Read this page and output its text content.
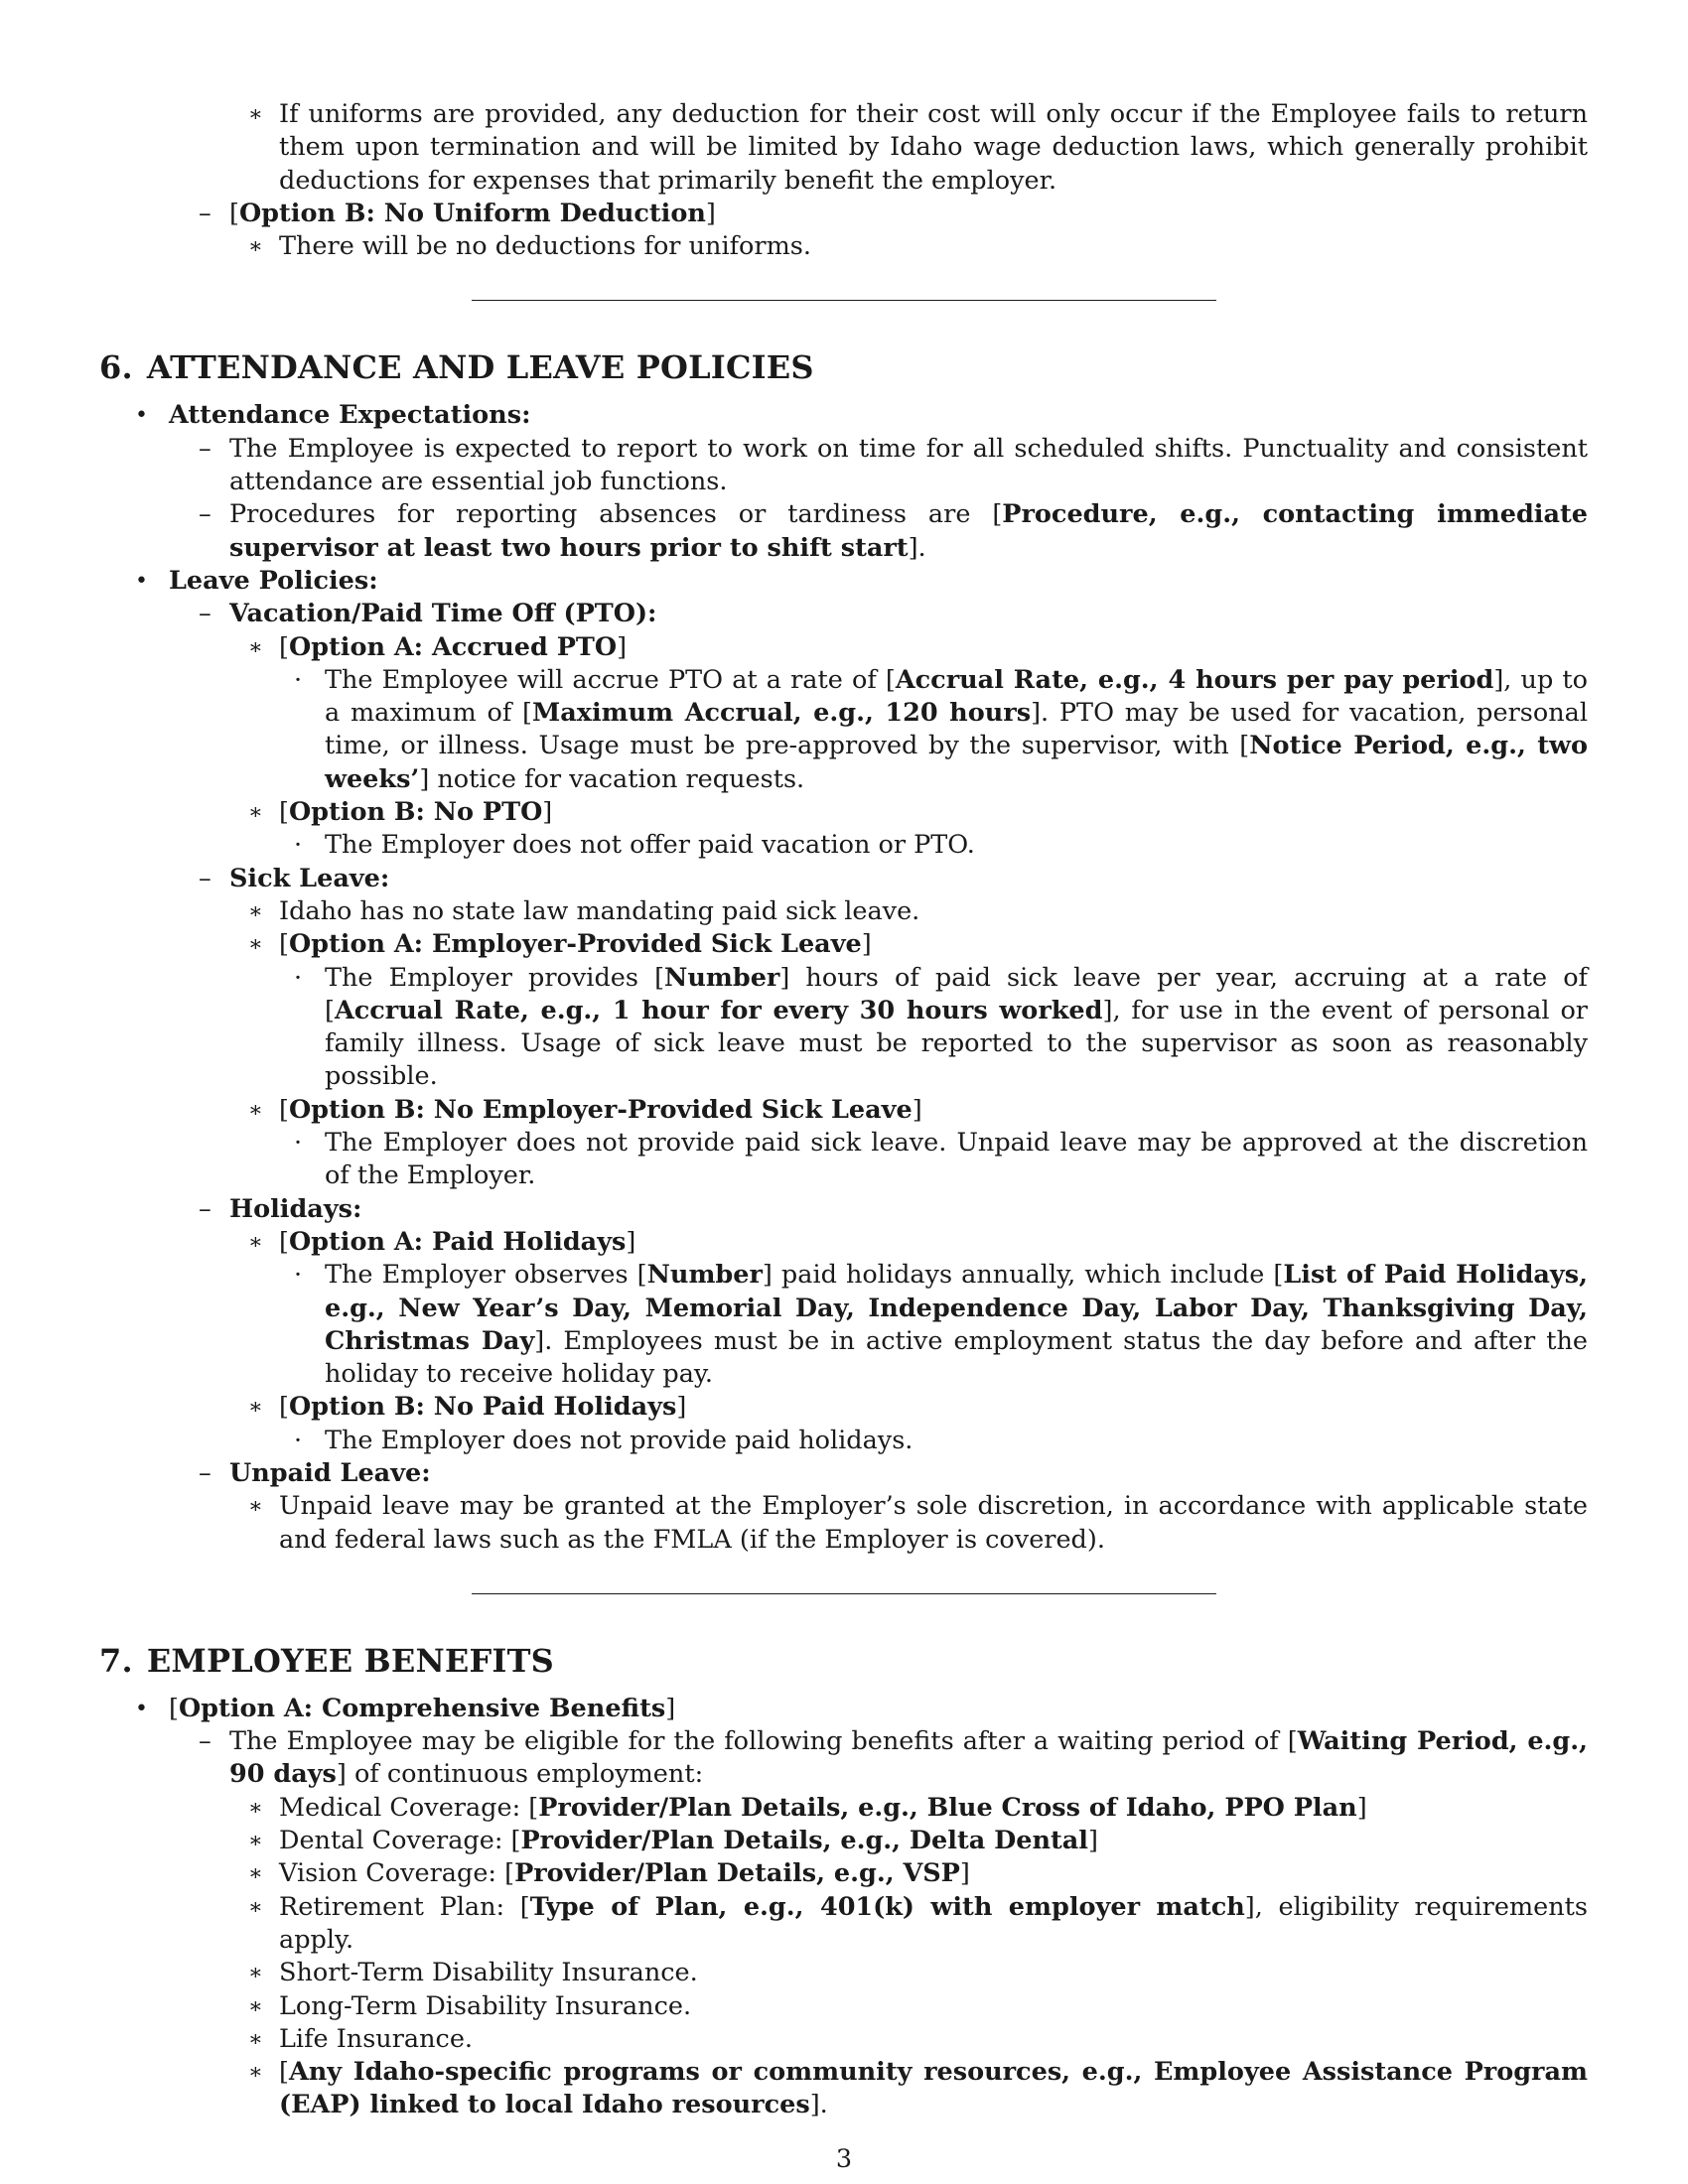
∗ If uniforms are provided, any deduction for their cost will only occur if the Employee fails to return them upon termination and will be limited by Idaho wage deduction laws, which generally prohibit deductions for expenses that primarily benefit the employer.
– [Option B: No Uniform Deduction]
∗ There will be no deductions for uniforms.
6. ATTENDANCE AND LEAVE POLICIES
• Attendance Expectations:
– The Employee is expected to report to work on time for all scheduled shifts. Punctuality and consistent attendance are essential job functions.
– Procedures for reporting absences or tardiness are [Procedure, e.g., contacting immediate supervisor at least two hours prior to shift start].
• Leave Policies:
– Vacation/Paid Time Off (PTO):
∗ [Option A: Accrued PTO]
· The Employee will accrue PTO at a rate of [Accrual Rate, e.g., 4 hours per pay period], up to a maximum of [Maximum Accrual, e.g., 120 hours]. PTO may be used for vacation, personal time, or illness. Usage must be pre-approved by the supervisor, with [Notice Period, e.g., two weeks’] notice for vacation requests.
∗ [Option B: No PTO]
· The Employer does not offer paid vacation or PTO.
– Sick Leave:
∗ Idaho has no state law mandating paid sick leave.
∗ [Option A: Employer-Provided Sick Leave]
· The Employer provides [Number] hours of paid sick leave per year, accruing at a rate of [Accrual Rate, e.g., 1 hour for every 30 hours worked], for use in the event of personal or family illness. Usage of sick leave must be reported to the supervisor as soon as reasonably possible.
∗ [Option B: No Employer-Provided Sick Leave]
· The Employer does not provide paid sick leave. Unpaid leave may be approved at the discretion of the Employer.
– Holidays:
∗ [Option A: Paid Holidays]
· The Employer observes [Number] paid holidays annually, which include [List of Paid Holidays, e.g., New Year’s Day, Memorial Day, Independence Day, Labor Day, Thanksgiving Day, Christmas Day]. Employees must be in active employment status the day before and after the holiday to receive holiday pay.
∗ [Option B: No Paid Holidays]
· The Employer does not provide paid holidays.
– Unpaid Leave:
∗ Unpaid leave may be granted at the Employer’s sole discretion, in accordance with applicable state and federal laws such as the FMLA (if the Employer is covered).
7. EMPLOYEE BENEFITS
• [Option A: Comprehensive Benefits]
– The Employee may be eligible for the following benefits after a waiting period of [Waiting Period, e.g., 90 days] of continuous employment:
∗ Medical Coverage: [Provider/Plan Details, e.g., Blue Cross of Idaho, PPO Plan]
∗ Dental Coverage: [Provider/Plan Details, e.g., Delta Dental]
∗ Vision Coverage: [Provider/Plan Details, e.g., VSP]
∗ Retirement Plan: [Type of Plan, e.g., 401(k) with employer match], eligibility requirements apply.
∗ Short-Term Disability Insurance.
∗ Long-Term Disability Insurance.
∗ Life Insurance.
∗ [Any Idaho-specific programs or community resources, e.g., Employee Assistance Program (EAP) linked to local Idaho resources].
3
